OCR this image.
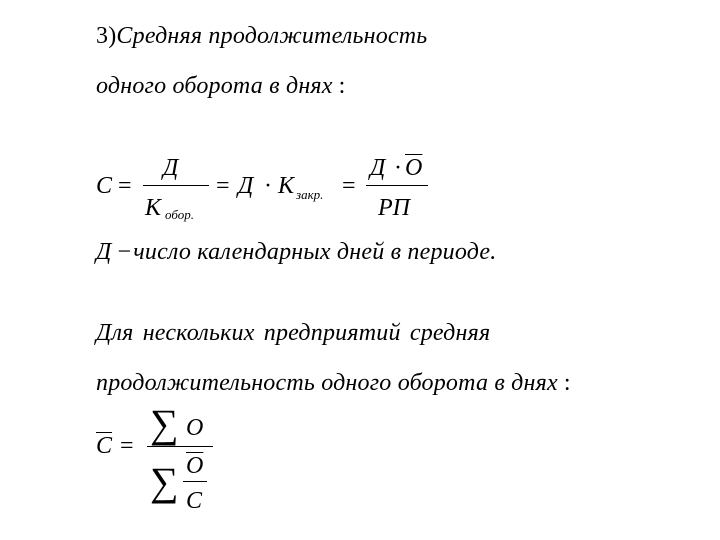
3)Средняя продолжительность
одного оборота в днях :
C =
Д
К обор.
= Д · К закр. =
$Д \cdot \overline{O}$
РП
Д −число календарных дней в периоде.
Для нескольких предприятий средняя
продолжительность одного оборота в днях :
$\overline{C}$ = ∑ O
∑ $\overline{O}$
C
